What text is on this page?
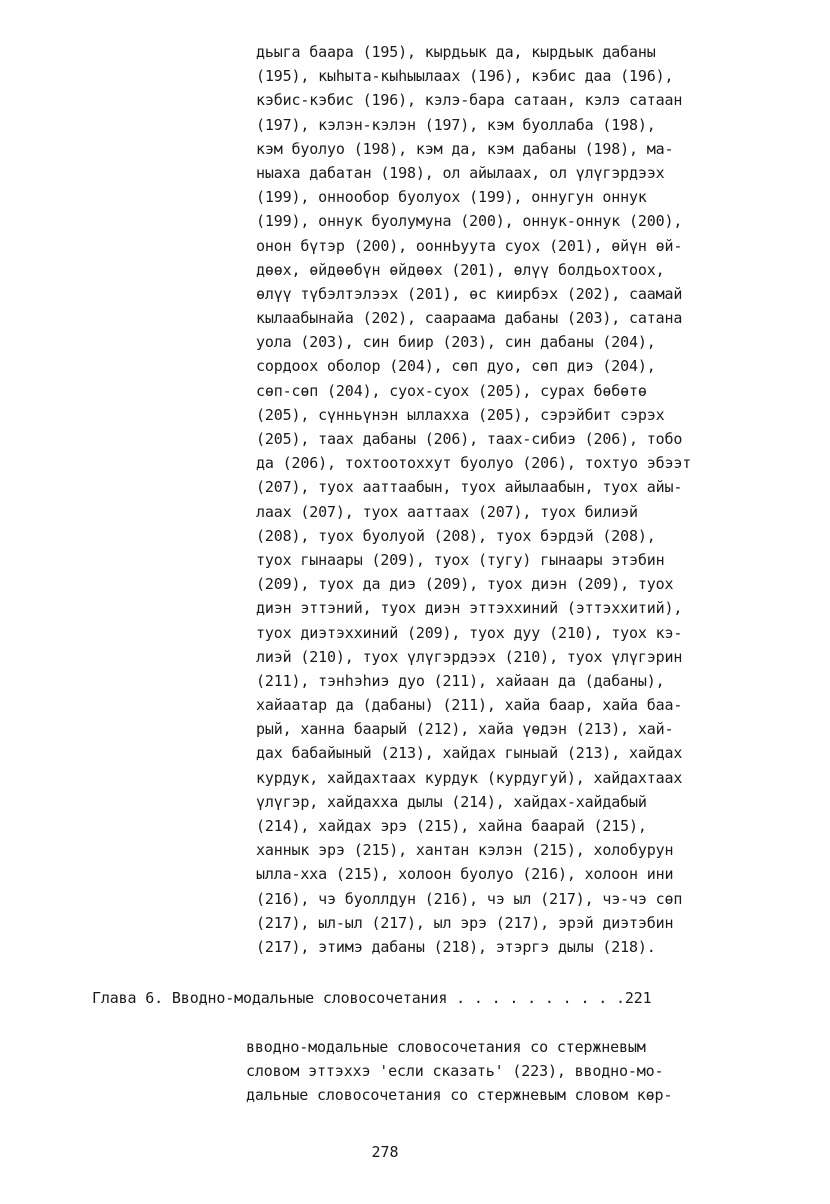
дьыга баара (195), кырдьык да, кырдьык дабаны
(195), кыһыта-кыһыылаах (196), кэбис даа (196),
кэбис-кэбис (196), кэлэ-бара сатаан, кэлэ сатаан
(197), кэлэн-кэлэн (197), кэм буоллаба (198),
кэм буолуо (198), кэм да, кэм дабаны (198), ма-
ныаха дабатан (198), ол айылаах, ол үлүгэрдээх
(199), оннообор буолуох (199), оннугун оннук
(199), оннук буолумуна (200), оннук-оннук (200),
онон бүтэр (200), ооннЬуута суох (201), өйүн өй-
дөөх, өйдөөбүн өйдөөх (201), өлүү болдьохтоох,
өлүү түбэлтэлээх (201), өс киирбэх (202), саамай
кылаабынайа (202), саараама дабаны (203), сатана
уола (203), син биир (203), син дабаны (204),
сордоох оболор (204), сөп дуо, сөп диэ (204),
сөп-сөп (204), суох-суох (205), сурах бөбөтө
(205), сүнньүнэн ыллахха (205), сэрэйбит сэрэх
(205), таах дабаны (206), таах-сибиэ (206), тобо
да (206), тохтоотоххут буолуо (206), тохтуо эбээт
(207), туох ааттаабын, туох айылаабын, туох айы-
лаах (207), туох ааттаах (207), туох билиэй
(208), туох буолуой (208), туох бэрдэй (208),
туох гынаары (209), туох (тугу) гынаары этэбин
(209), туох да диэ (209), туох диэн (209), туох
диэн эттэний, туох диэн эттэххиний (эттэххитий),
туох диэтэххиний (209), туох дуу (210), туох кэ-
лиэй (210), туох үлүгэрдээх (210), туох үлүгэрин
(211), тэнһэһиэ дуо (211), хайаан да (дабаны),
хайаатар да (дабаны) (211), хайа баар, хайа баа-
рый, ханна баарый (212), хайа үөдэн (213), хай-
дах бабайыный (213), хайдах гыныай (213), хайдах
курдук, хайдахтаах курдук (курдугуй), хайдахтаах
үлүгэр, хайдахха дылы (214), хайдах-хайдабый
(214), хайдах эрэ (215), хайна баарай (215),
ханнык эрэ (215), хантан кэлэн (215), холобурун
ылла-хха (215), холоон буолуо (216), холоон ини
(216), чэ буоллдун (216), чэ ыл (217), чэ-чэ сөп
(217), ыл-ыл (217), ыл эрэ (217), эрэй диэтэбин
(217), этимэ дабаны (218), этэргэ дылы (218).
Глава 6. Вводно-модальные словосочетания . . . . . . . . . .221
вводно-модальные словосочетания со стержневым
словом эттэххэ 'если сказать' (223), вводно-мо-
дальные словосочетания со стержневым словом көр-
278
